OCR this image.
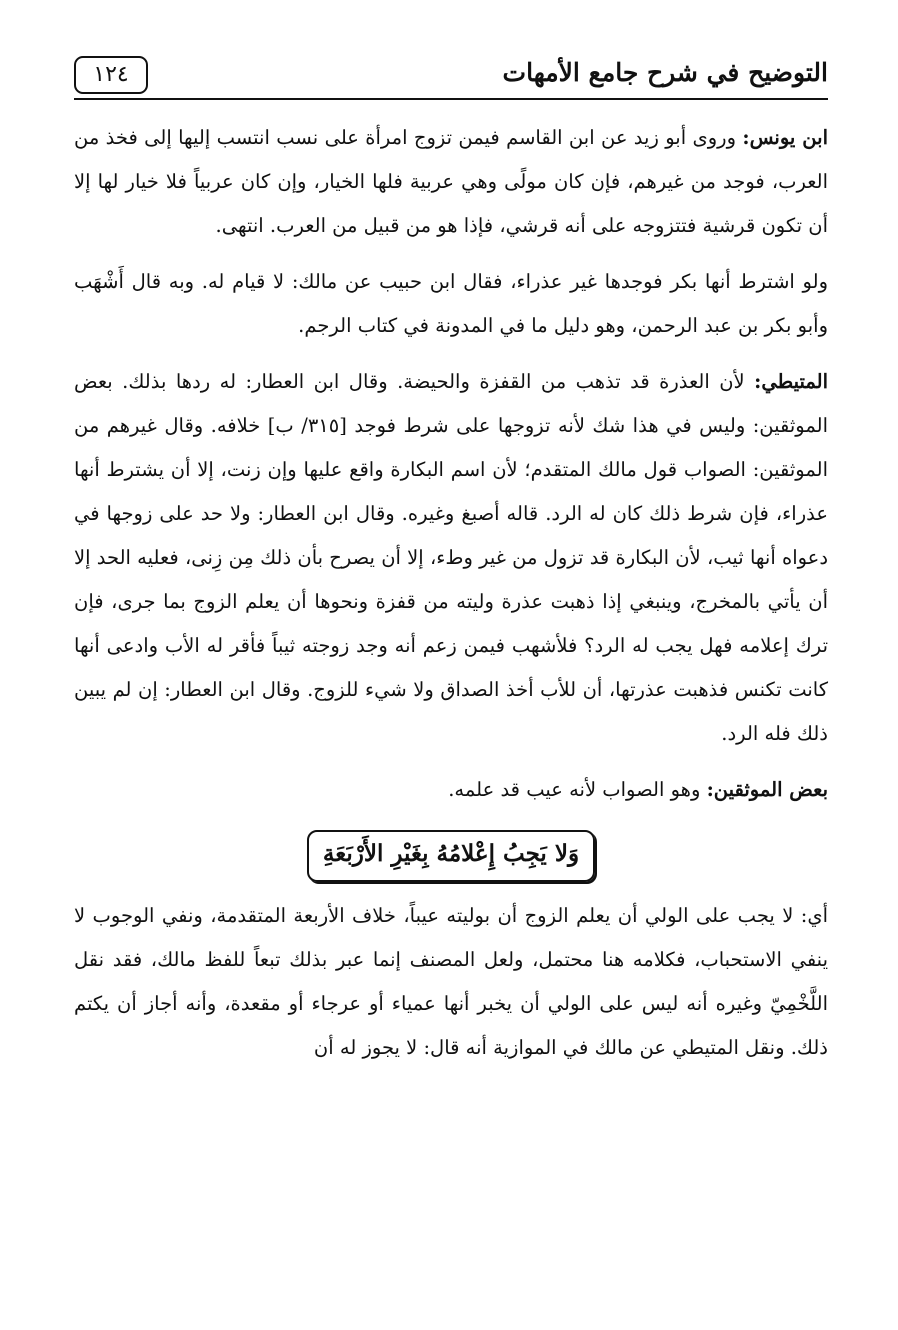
التوضيح في شرح جامع الأمهات
١٢٤

ابن يونس: وروى أبو زيد عن ابن القاسم فيمن تزوج امرأة على نسب انتسب إليها إلى فخذ من العرب، فوجد من غيرهم، فإن كان مولًى وهي عربية فلها الخيار، وإن كان عربياً فلا خيار لها إلا أن تكون قرشية فتتزوجه على أنه قرشي، فإذا هو من قبيل من العرب. انتهى.

ولو اشترط أنها بكر فوجدها غير عذراء، فقال ابن حبيب عن مالك: لا قيام له. وبه قال أَشْهَب وأبو بكر بن عبد الرحمن، وهو دليل ما في المدونة في كتاب الرجم.

المتيطي: لأن العذرة قد تذهب من القفزة والحيضة. وقال ابن العطار: له ردها بذلك. بعض الموثقين: وليس في هذا شك لأنه تزوجها على شرط فوجد [٣١٥/ ب] خلافه. وقال غيرهم من الموثقين: الصواب قول مالك المتقدم؛ لأن اسم البكارة واقع عليها وإن زنت، إلا أن يشترط أنها عذراء، فإن شرط ذلك كان له الرد. قاله أصبغ وغيره. وقال ابن العطار: ولا حد على زوجها في دعواه أنها ثيب، لأن البكارة قد تزول من غير وطء، إلا أن يصرح بأن ذلك مِن زِنى، فعليه الحد إلا أن يأتي بالمخرج، وينبغي إذا ذهبت عذرة وليته من قفزة ونحوها أن يعلم الزوج بما جرى، فإن ترك إعلامه فهل يجب له الرد؟ فلأشهب فيمن زعم أنه وجد زوجته ثيباً فأقر له الأب وادعى أنها كانت تكنس فذهبت عذرتها، أن للأب أخذ الصداق ولا شيء للزوج. وقال ابن العطار: إن لم يبين ذلك فله الرد.

بعض الموثقين: وهو الصواب لأنه عيب قد علمه.

وَلا يَجِبُ إِعْلامُهُ بِغَيْرِ الأَرْبَعَةِ

أي: لا يجب على الولي أن يعلم الزوج أن بوليته عيباً، خلاف الأربعة المتقدمة، ونفي الوجوب لا ينفي الاستحباب، فكلامه هنا محتمل، ولعل المصنف إنما عبر بذلك تبعاً للفظ مالك، فقد نقل اللَّخْمِيّ وغيره أنه ليس على الولي أن يخبر أنها عمياء أو عرجاء أو مقعدة، وأنه أجاز أن يكتم ذلك. ونقل المتيطي عن مالك في الموازية أنه قال: لا يجوز له أن
